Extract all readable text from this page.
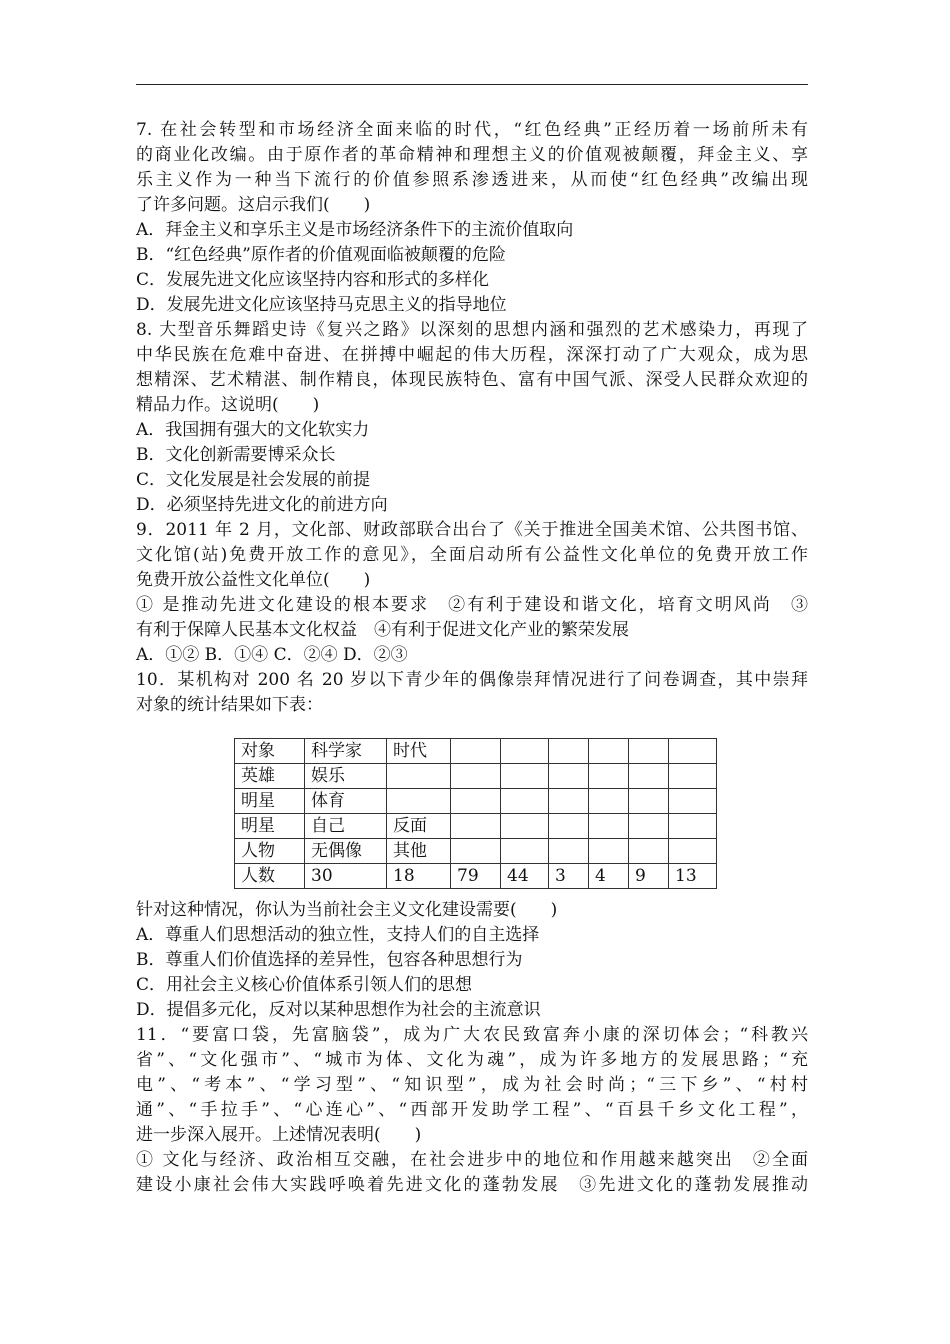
7. 在社会转型和市场经济全面来临的时代，“红色经典”正经历着一场前所未有
的商业化改编。由于原作者的革命精神和理想主义的价值观被颠覆，拜金主义、享
乐主义作为一种当下流行的价值参照系渗透进来，从而使“红色经典”改编出现
了许多问题。这启示我们(　　)
A．拜金主义和享乐主义是市场经济条件下的主流价值取向
B．“红色经典”原作者的价值观面临被颠覆的危险
C．发展先进文化应该坚持内容和形式的多样化
D．发展先进文化应该坚持马克思主义的指导地位
8. 大型音乐舞蹈史诗《复兴之路》以深刻的思想内涵和强烈的艺术感染力，再现了
中华民族在危难中奋进、在拼搏中崛起的伟大历程，深深打动了广大观众，成为思
想精深、艺术精湛、制作精良，体现民族特色、富有中国气派、深受人民群众欢迎的
精品力作。这说明(　　)
A．我国拥有强大的文化软实力
B．文化创新需要博采众长
C．文化发展是社会发展的前提
D．必须坚持先进文化的前进方向
9．2011 年 2 月，文化部、财政部联合出台了《关于推进全国美术馆、公共图书馆、
文化馆(站)免费开放工作的意见》，全面启动所有公益性文化单位的免费开放工作
免费开放公益性文化单位(　　)
① 是推动先进文化建设的根本要求　②有利于建设和谐文化，培育文明风尚　③
有利于保障人民基本文化权益　④有利于促进文化产业的繁荣发展
A．①② B．①④ C．②④ D．②③
10．某机构对 200 名 20 岁以下青少年的偶像崇拜情况进行了问卷调查，其中崇拜
对象的统计结果如下表：
对象	科学家	时代						
英雄	娱乐							
明星	体育							
明星	自己	反面						
人物	无偶像	其他						
人数	30	18	79	44	3	4	9	13
针对这种情况，你认为当前社会主义文化建设需要(　　)
A．尊重人们思想活动的独立性，支持人们的自主选择
B．尊重人们价值选择的差异性，包容各种思想行为
C．用社会主义核心价值体系引领人们的思想
D．提倡多元化，反对以某种思想作为社会的主流意识
11．“要富口袋，先富脑袋”，成为广大农民致富奔小康的深切体会；“科教兴
省”、“文化强市”、“城市为体、文化为魂”，成为许多地方的发展思路；“充
电”、“考本”、“学习型”、“知识型”，成为社会时尚；“三下乡”、“村村
通”、“手拉手”、“心连心”、“西部开发助学工程”、“百县千乡文化工程”，
进一步深入展开。上述情况表明(　　)
① 文化与经济、政治相互交融，在社会进步中的地位和作用越来越突出　②全面
建设小康社会伟大实践呼唤着先进文化的蓬勃发展　③先进文化的蓬勃发展推动
